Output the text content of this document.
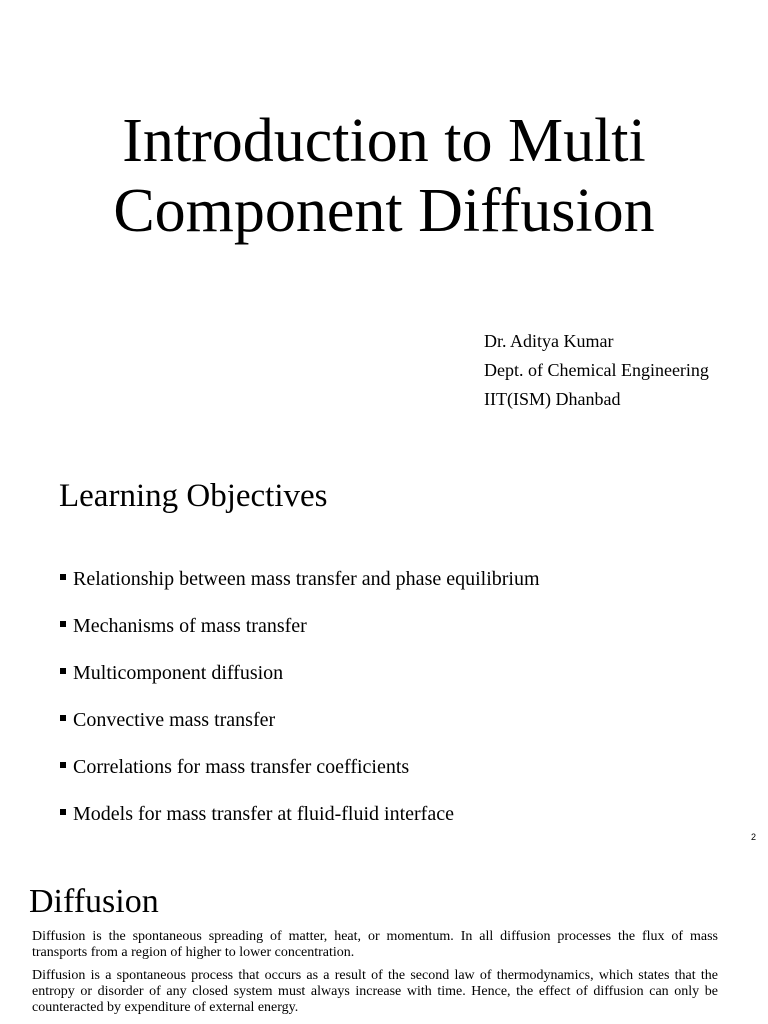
Introduction to Multi
Component Diffusion
Dr. Aditya Kumar
Dept. of Chemical Engineering
IIT(ISM) Dhanbad
Learning Objectives
Relationship between mass transfer and phase equilibrium
Mechanisms of mass transfer
Multicomponent diffusion
Convective mass transfer
Correlations for mass transfer coefficients
Models for mass transfer at fluid-fluid interface
2
Diffusion

Diffusion is the spontaneous spreading of matter, heat, or momentum. In all diffusion processes the flux of mass transports from a region of higher to lower concentration.

Diffusion is a spontaneous process that occurs as a result of the second law of thermodynamics, which states that the entropy or disorder of any closed system must always increase with time. Hence, the effect of diffusion can only be counteracted by expenditure of external energy.
